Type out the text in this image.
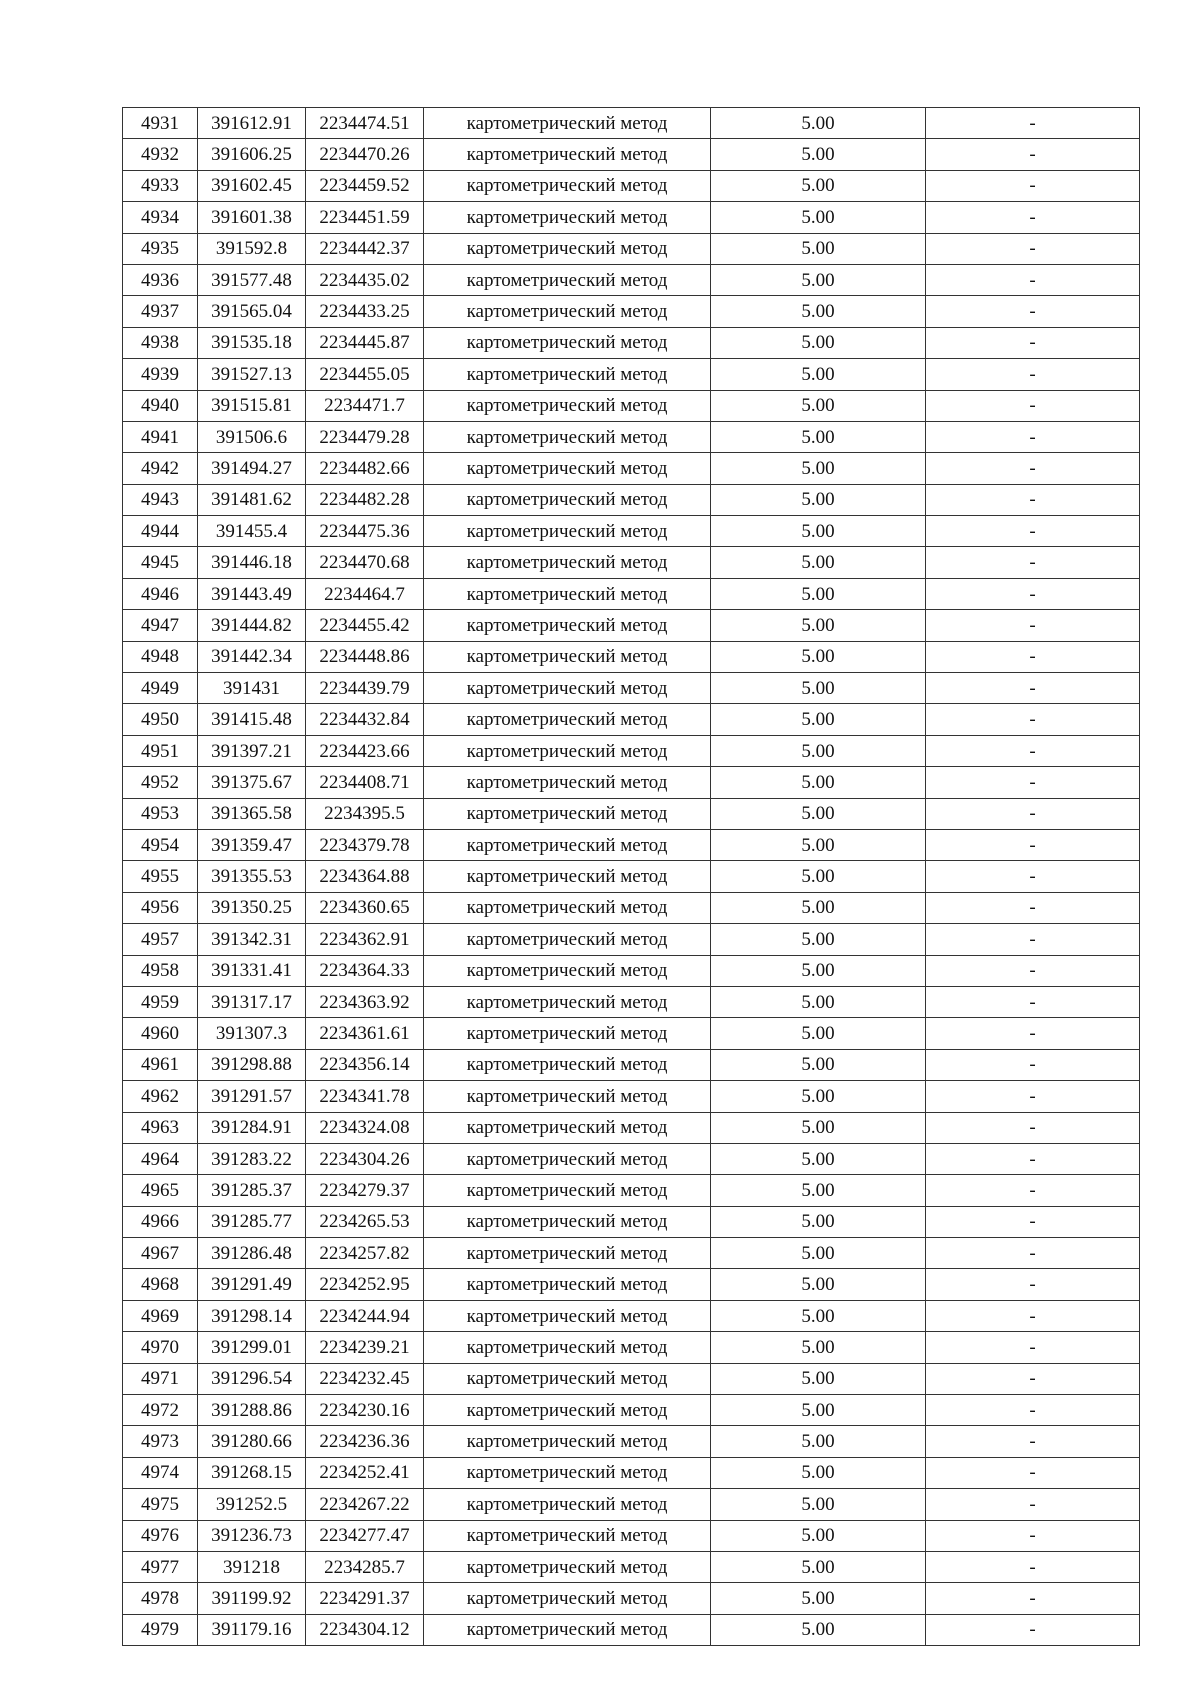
4931	391612.91	2234474.51	картометрический метод	5.00	-
4932	391606.25	2234470.26	картометрический метод	5.00	-
4933	391602.45	2234459.52	картометрический метод	5.00	-
4934	391601.38	2234451.59	картометрический метод	5.00	-
4935	391592.8	2234442.37	картометрический метод	5.00	-
4936	391577.48	2234435.02	картометрический метод	5.00	-
4937	391565.04	2234433.25	картометрический метод	5.00	-
4938	391535.18	2234445.87	картометрический метод	5.00	-
4939	391527.13	2234455.05	картометрический метод	5.00	-
4940	391515.81	2234471.7	картометрический метод	5.00	-
4941	391506.6	2234479.28	картометрический метод	5.00	-
4942	391494.27	2234482.66	картометрический метод	5.00	-
4943	391481.62	2234482.28	картометрический метод	5.00	-
4944	391455.4	2234475.36	картометрический метод	5.00	-
4945	391446.18	2234470.68	картометрический метод	5.00	-
4946	391443.49	2234464.7	картометрический метод	5.00	-
4947	391444.82	2234455.42	картометрический метод	5.00	-
4948	391442.34	2234448.86	картометрический метод	5.00	-
4949	391431	2234439.79	картометрический метод	5.00	-
4950	391415.48	2234432.84	картометрический метод	5.00	-
4951	391397.21	2234423.66	картометрический метод	5.00	-
4952	391375.67	2234408.71	картометрический метод	5.00	-
4953	391365.58	2234395.5	картометрический метод	5.00	-
4954	391359.47	2234379.78	картометрический метод	5.00	-
4955	391355.53	2234364.88	картометрический метод	5.00	-
4956	391350.25	2234360.65	картометрический метод	5.00	-
4957	391342.31	2234362.91	картометрический метод	5.00	-
4958	391331.41	2234364.33	картометрический метод	5.00	-
4959	391317.17	2234363.92	картометрический метод	5.00	-
4960	391307.3	2234361.61	картометрический метод	5.00	-
4961	391298.88	2234356.14	картометрический метод	5.00	-
4962	391291.57	2234341.78	картометрический метод	5.00	-
4963	391284.91	2234324.08	картометрический метод	5.00	-
4964	391283.22	2234304.26	картометрический метод	5.00	-
4965	391285.37	2234279.37	картометрический метод	5.00	-
4966	391285.77	2234265.53	картометрический метод	5.00	-
4967	391286.48	2234257.82	картометрический метод	5.00	-
4968	391291.49	2234252.95	картометрический метод	5.00	-
4969	391298.14	2234244.94	картометрический метод	5.00	-
4970	391299.01	2234239.21	картометрический метод	5.00	-
4971	391296.54	2234232.45	картометрический метод	5.00	-
4972	391288.86	2234230.16	картометрический метод	5.00	-
4973	391280.66	2234236.36	картометрический метод	5.00	-
4974	391268.15	2234252.41	картометрический метод	5.00	-
4975	391252.5	2234267.22	картометрический метод	5.00	-
4976	391236.73	2234277.47	картометрический метод	5.00	-
4977	391218	2234285.7	картометрический метод	5.00	-
4978	391199.92	2234291.37	картометрический метод	5.00	-
4979	391179.16	2234304.12	картометрический метод	5.00	-
